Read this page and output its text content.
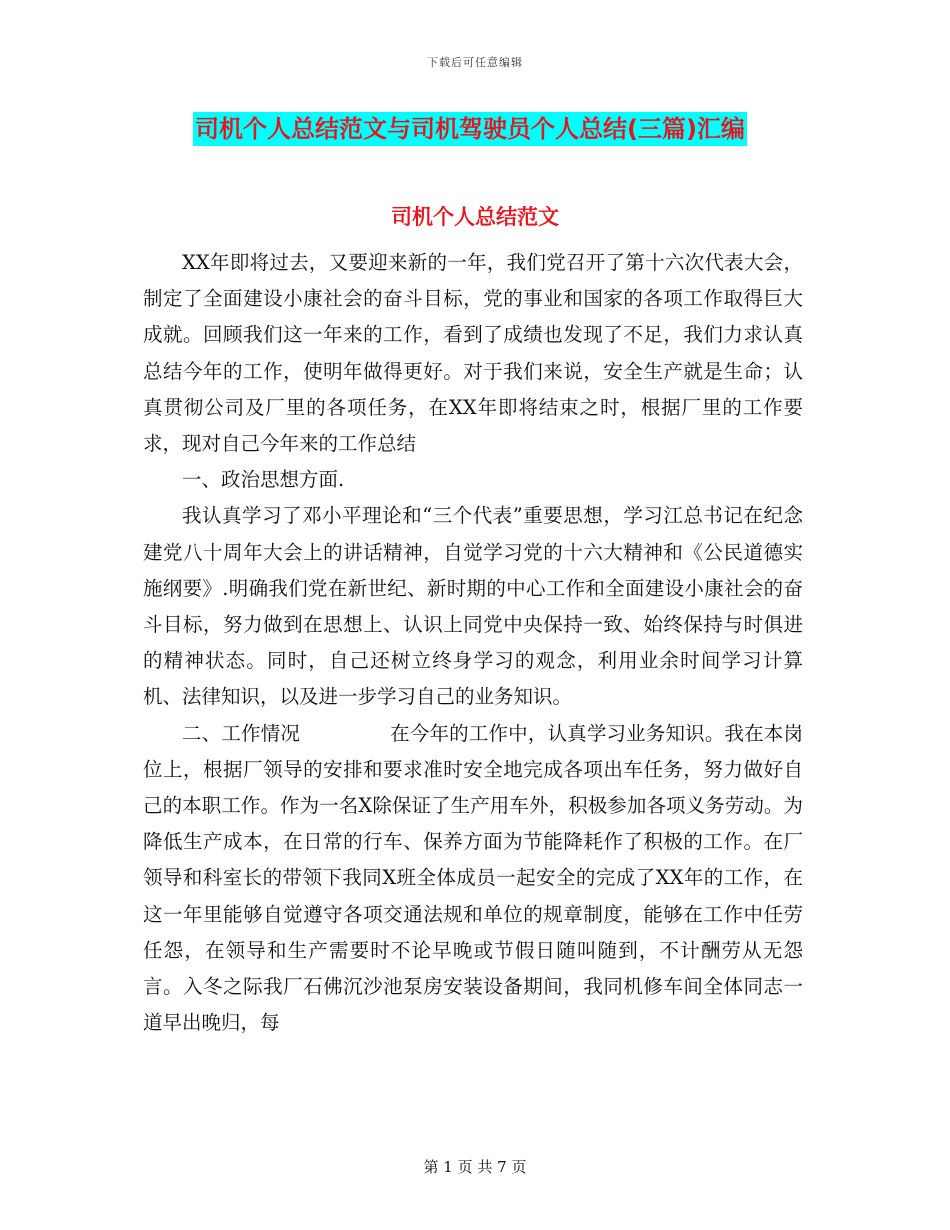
下载后可任意编辑
司机个人总结范文与司机驾驶员个人总结(三篇)汇编
司机个人总结范文

XX年即将过去，又要迎来新的一年，我们党召开了第十六次代表大会，制定了全面建设小康社会的奋斗目标，党的事业和国家的各项工作取得巨大成就。回顾我们这一年来的工作，看到了成绩也发现了不足，我们力求认真总结今年的工作，使明年做得更好。对于我们来说，安全生产就是生命；认真贯彻公司及厂里的各项任务，在XX年即将结束之时，根据厂里的工作要求，现对自己今年来的工作总结

一、政治思想方面.

我认真学习了邓小平理论和“三个代表”重要思想，学习江总书记在纪念建党八十周年大会上的讲话精神，自觉学习党的十六大精神和《公民道德实施纲要》.明确我们党在新世纪、新时期的中心工作和全面建设小康社会的奋斗目标，努力做到在思想上、认识上同党中央保持一致、始终保持与时俱进的精神状态。同时，自己还树立终身学习的观念，利用业余时间学习计算机、法律知识，以及进一步学习自己的业务知识。

二、工作情况	在今年的工作中，认真学习业务知识。我在本岗位上，根据厂领导的安排和要求准时安全地完成各项出车任务，努力做好自己的本职工作。作为一名X除保证了生产用车外，积极参加各项义务劳动。为降低生产成本，在日常的行车、保养方面为节能降耗作了积极的工作。在厂领导和科室长的带领下我同X班全体成员一起安全的完成了XX年的工作，在这一年里能够自觉遵守各项交通法规和单位的规章制度，能够在工作中任劳任怨，在领导和生产需要时不论早晚或节假日随叫随到，不计酬劳从无怨言。入冬之际我厂石佛沉沙池泵房安装设备期间，我同机修车间全体同志一道早出晚归，每

第 1 页 共 7 页
